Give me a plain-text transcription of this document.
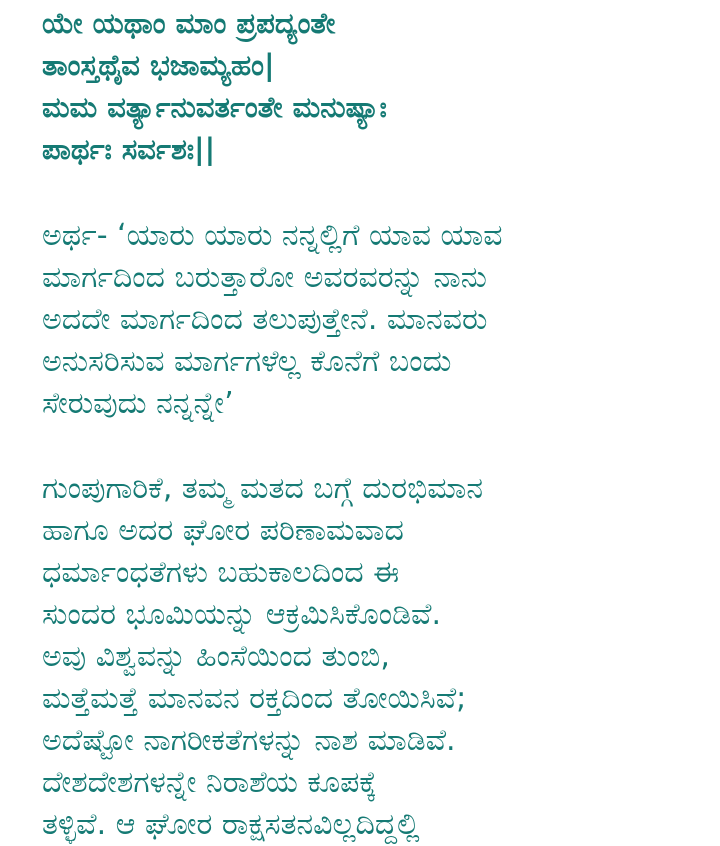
ಯೇ ಯಥಾಂ ಮಾಂ ಪ್ರಪದ್ಯಂತೇ
ತಾಂಸ್ತಥೈವ ಭಜಾಮ್ಯಹಂ|
ಮಮ ವರ್ತ್ಯಾನುವರ್ತಂತೇ ಮನುಷ್ಯಾಃ
ಪಾರ್ಥಃ ಸರ್ವಶಃ||
ಅರ್ಥ- ‘ಯಾರು ಯಾರು ನನ್ನಲ್ಲಿಗೆ ಯಾವ ಯಾವ
ಮಾರ್ಗದಿಂದ ಬರುತ್ತಾರೋ ಅವರವರನ್ನು ನಾನು
ಅದದೇ ಮಾರ್ಗದಿಂದ ತಲುಪುತ್ತೇನೆ. ಮಾನವರು
ಅನುಸರಿಸುವ ಮಾರ್ಗಗಳೆಲ್ಲ ಕೊನೆಗೆ ಬಂದು
ಸೇರುವುದು ನನ್ನನ್ನೇ’
ಗುಂಪುಗಾರಿಕೆ, ತಮ್ಮ ಮತದ ಬಗ್ಗೆ ದುರಭಿಮಾನ
ಹಾಗೂ ಅದರ ಘೋರ ಪರಿಣಾಮವಾದ
ಧರ್ಮಾಂಧತೆಗಳು ಬಹುಕಾಲದಿಂದ ಈ
ಸುಂದರ ಭೂಮಿಯನ್ನು ಆಕ್ರಮಿಸಿಕೊಂಡಿವೆ.
ಅವು ವಿಶ್ವವನ್ನು ಹಿಂಸೆಯಿಂದ ತುಂಬಿ,
ಮತ್ತೆಮತ್ತೆ ಮಾನವನ ರಕ್ತದಿಂದ ತೋಯಿಸಿವೆ;
ಅದೆಷ್ಟೋ ನಾಗರೀಕತೆಗಳನ್ನು ನಾಶ ಮಾಡಿವೆ.
ದೇಶದೇಶಗಳನ್ನೇ ನಿರಾಶೆಯ ಕೂಪಕ್ಕೆ
ತಳ್ಳಿವೆ. ಆ ಘೋರ ರಾಕ್ಷಸತನವಿಲ್ಲದಿದ್ದಲ್ಲಿ
